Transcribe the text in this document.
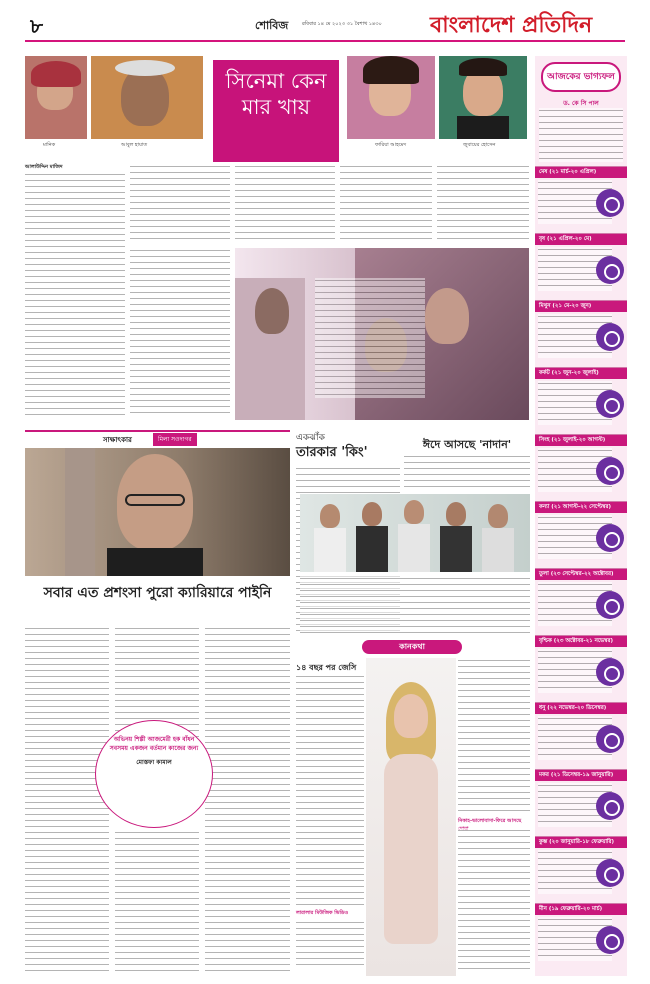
৮	শোবিজ	রবিবার ১৪ মে ২০২৩ ৩১ বৈশাখ ১৪৩০ বাংলাদেশ প্রতিদিন
মানিক	আবুল হায়াত
সিনেমা কেন মার খায়
ফারিয়া আহমেদ	জুবায়ের হোসেন
আলাউদ্দিন মাজিদ
আজকের ভাগ্যফল
ড. কে সি পাল
মেষ (২১ মার্চ-২০ এপ্রিল)
বৃষ (২১ এপ্রিল-২০ মে)
মিথুন (২১ মে-২০ জুন)
কর্কট (২১ জুন-২০ জুলাই)
সিংহ (২১ জুলাই-২০ আগস্ট)
কন্যা (২১ আগস্ট-২২ সেপ্টেম্বর)
তুলা (২৩ সেপ্টেম্বর-২২ অক্টোবর)
বৃশ্চিক (২৩ অক্টোবর-২১ নভেম্বর)
ধনু (২২ নভেম্বর-২০ ডিসেম্বর)
মকর (২১ ডিসেম্বর-১৯ জানুয়ারি)
কুম্ভ (২০ জানুয়ারি-১৮ ফেব্রুয়ারি)
মীন (১৯ ফেব্রুয়ারি-২০ মার্চ)
সাক্ষাৎকার	মিলা সওদাগর
সবার এত প্রশংসা পুরো ক্যারিয়ারে পাইনি
অভিনয় শিল্পী আজমেরী হক বাঁধন সবসময় একজন বর্তমান কাজের জন্য
মোস্তফা কামাল
একঝাঁক
তারকার 'কিং'
ঈদে আসছে 'নাদান'
কানকথা
১৪ বছর পর জেসি
নিকাহ-ভালোবাসা-ফিরে আসছে
লারালার মিউজিক ভিডিও
